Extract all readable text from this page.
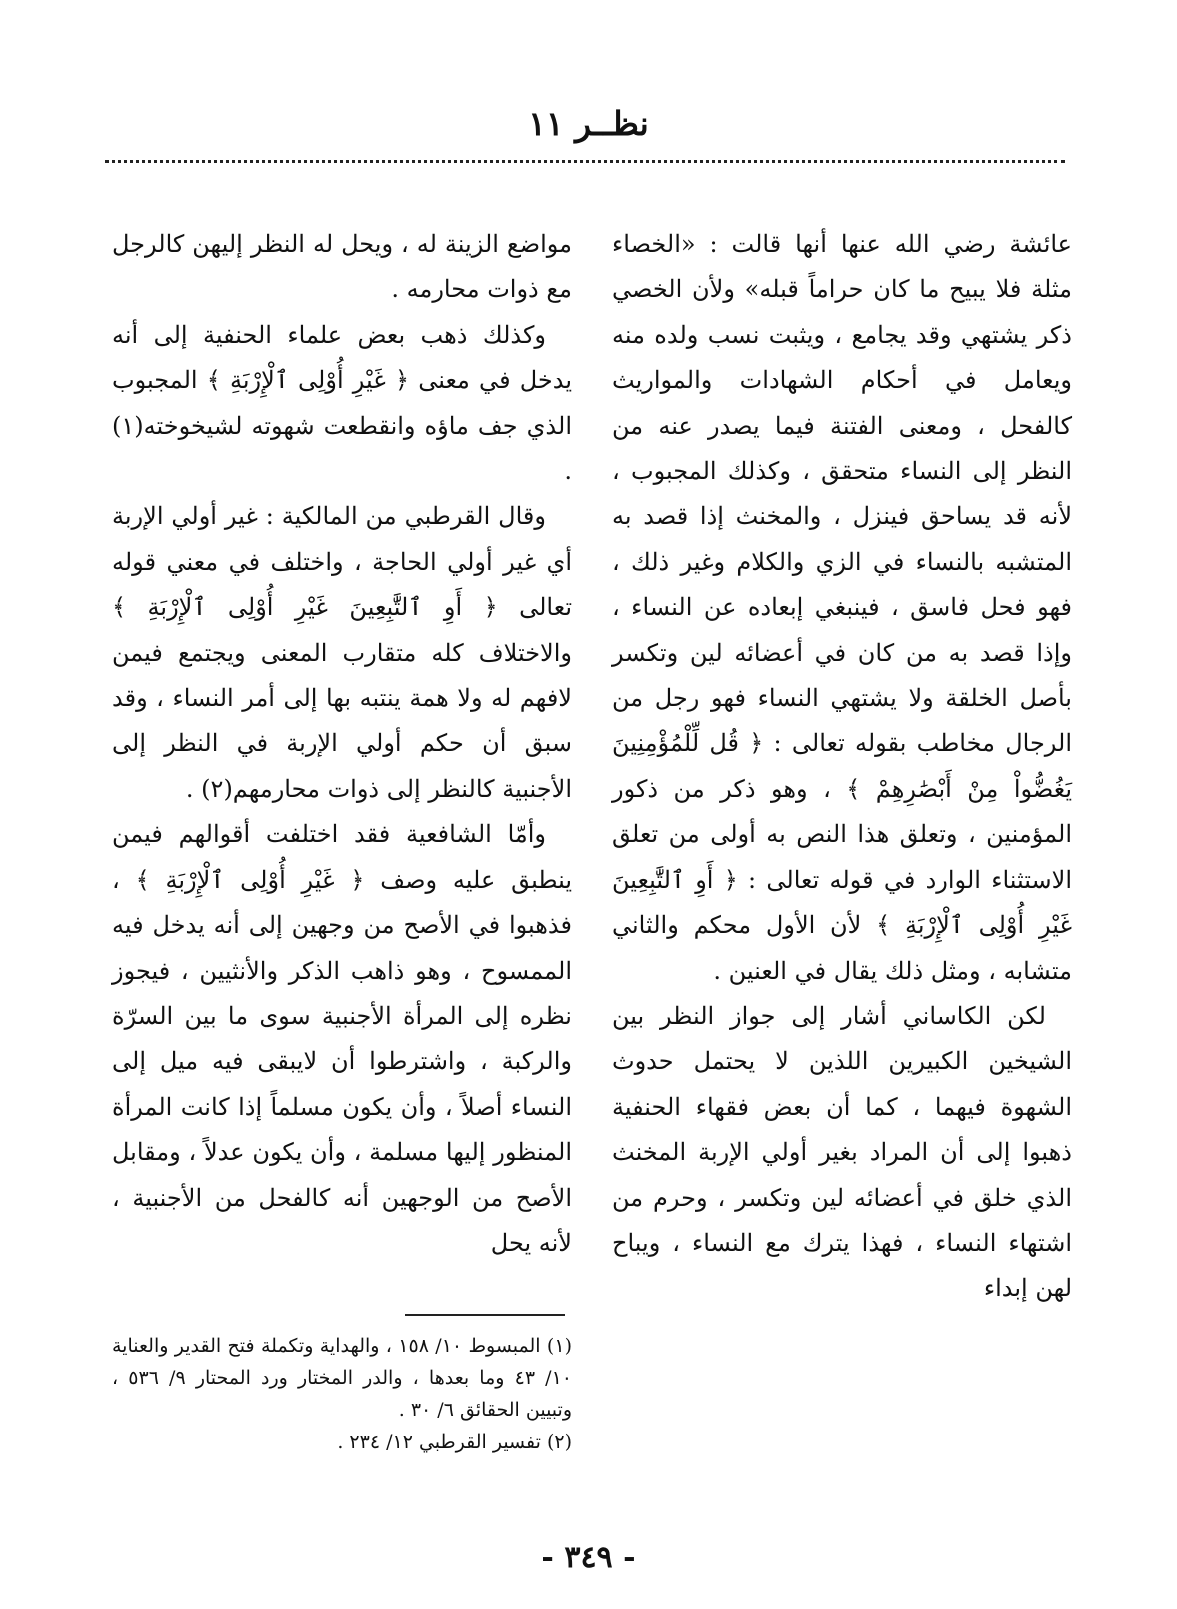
نظــر ١١

عائشة رضي الله عنها أنها قالت : «الخصاء مثلة فلا يبيح ما كان حراماً قبله» ولأن الخصي ذكر يشتهي وقد يجامع ، ويثبت نسب ولده منه ويعامل في أحكام الشهادات والمواريث كالفحل ، ومعنى الفتنة فيما يصدر عنه من النظر إلى النساء متحقق ، وكذلك المجبوب ، لأنه قد يساحق فينزل ، والمخنث إذا قصد به المتشبه بالنساء في الزي والكلام وغير ذلك ، فهو فحل فاسق ، فينبغي إبعاده عن النساء ، وإذا قصد به من كان في أعضائه لين وتكسر بأصل الخلقة ولا يشتهي النساء فهو رجل من الرجال مخاطب بقوله تعالى : ﴿ قُل لِّلْمُؤْمِنِينَ يَغُضُّواْ مِنْ أَبْصَٰرِهِمْ ﴾ ، وهو ذكر من ذكور المؤمنين ، وتعلق هذا النص به أولى من تعلق الاستثناء الوارد في قوله تعالى : ﴿ أَوِ ٱلتَّٰبِعِينَ غَيْرِ أُوْلِى ٱلْإِرْبَةِ ﴾ لأن الأول محكم والثاني متشابه ، ومثل ذلك يقال في العنين .

لكن الكاساني أشار إلى جواز النظر بين الشيخين الكبيرين اللذين لا يحتمل حدوث الشهوة فيهما ، كما أن بعض فقهاء الحنفية ذهبوا إلى أن المراد بغير أولي الإربة المخنث الذي خلق في أعضائه لين وتكسر ، وحرم من اشتهاء النساء ، فهذا يترك مع النساء ، ويباح لهن إبداء

مواضع الزينة له ، ويحل له النظر إليهن كالرجل مع ذوات محارمه .

وكذلك ذهب بعض علماء الحنفية إلى أنه يدخل في معنى ﴿ غَيْرِ أُوْلِى ٱلْإِرْبَةِ ﴾ المجبوب الذي جف ماؤه وانقطعت شهوته لشيخوخته(١) .

وقال القرطبي من المالكية : غير أولي الإربة أي غير أولي الحاجة ، واختلف في معني قوله تعالى ﴿ أَوِ ٱلتَّٰبِعِينَ غَيْرِ أُوْلِى ٱلْإِرْبَةِ ﴾ والاختلاف كله متقارب المعنى ويجتمع فيمن لافهم له ولا همة ينتبه بها إلى أمر النساء ، وقد سبق أن حكم أولي الإربة في النظر إلى الأجنبية كالنظر إلى ذوات محارمهم(٢) .

وأمّا الشافعية فقد اختلفت أقوالهم فيمن ينطبق عليه وصف ﴿ غَيْرِ أُوْلِى ٱلْإِرْبَةِ ﴾ ، فذهبوا في الأصح من وجهين إلى أنه يدخل فيه الممسوح ، وهو ذاهب الذكر والأنثيين ، فيجوز نظره إلى المرأة الأجنبية سوى ما بين السرّة والركبة ، واشترطوا أن لايبقى فيه ميل إلى النساء أصلاً ، وأن يكون مسلماً إذا كانت المرأة المنظور إليها مسلمة ، وأن يكون عدلاً ، ومقابل الأصح من الوجهين أنه كالفحل من الأجنبية ، لأنه يحل

(١) المبسوط ١٠/ ١٥٨ ، والهداية وتكملة فتح القدير والعناية ١٠/ ٤٣ وما بعدها ، والدر المختار ورد المحتار ٩/ ٥٣٦ ، وتبيين الحقائق ٦/ ٣٠ .

(٢) تفسير القرطبي ١٢/ ٢٣٤ .

- ٣٤٩ -
